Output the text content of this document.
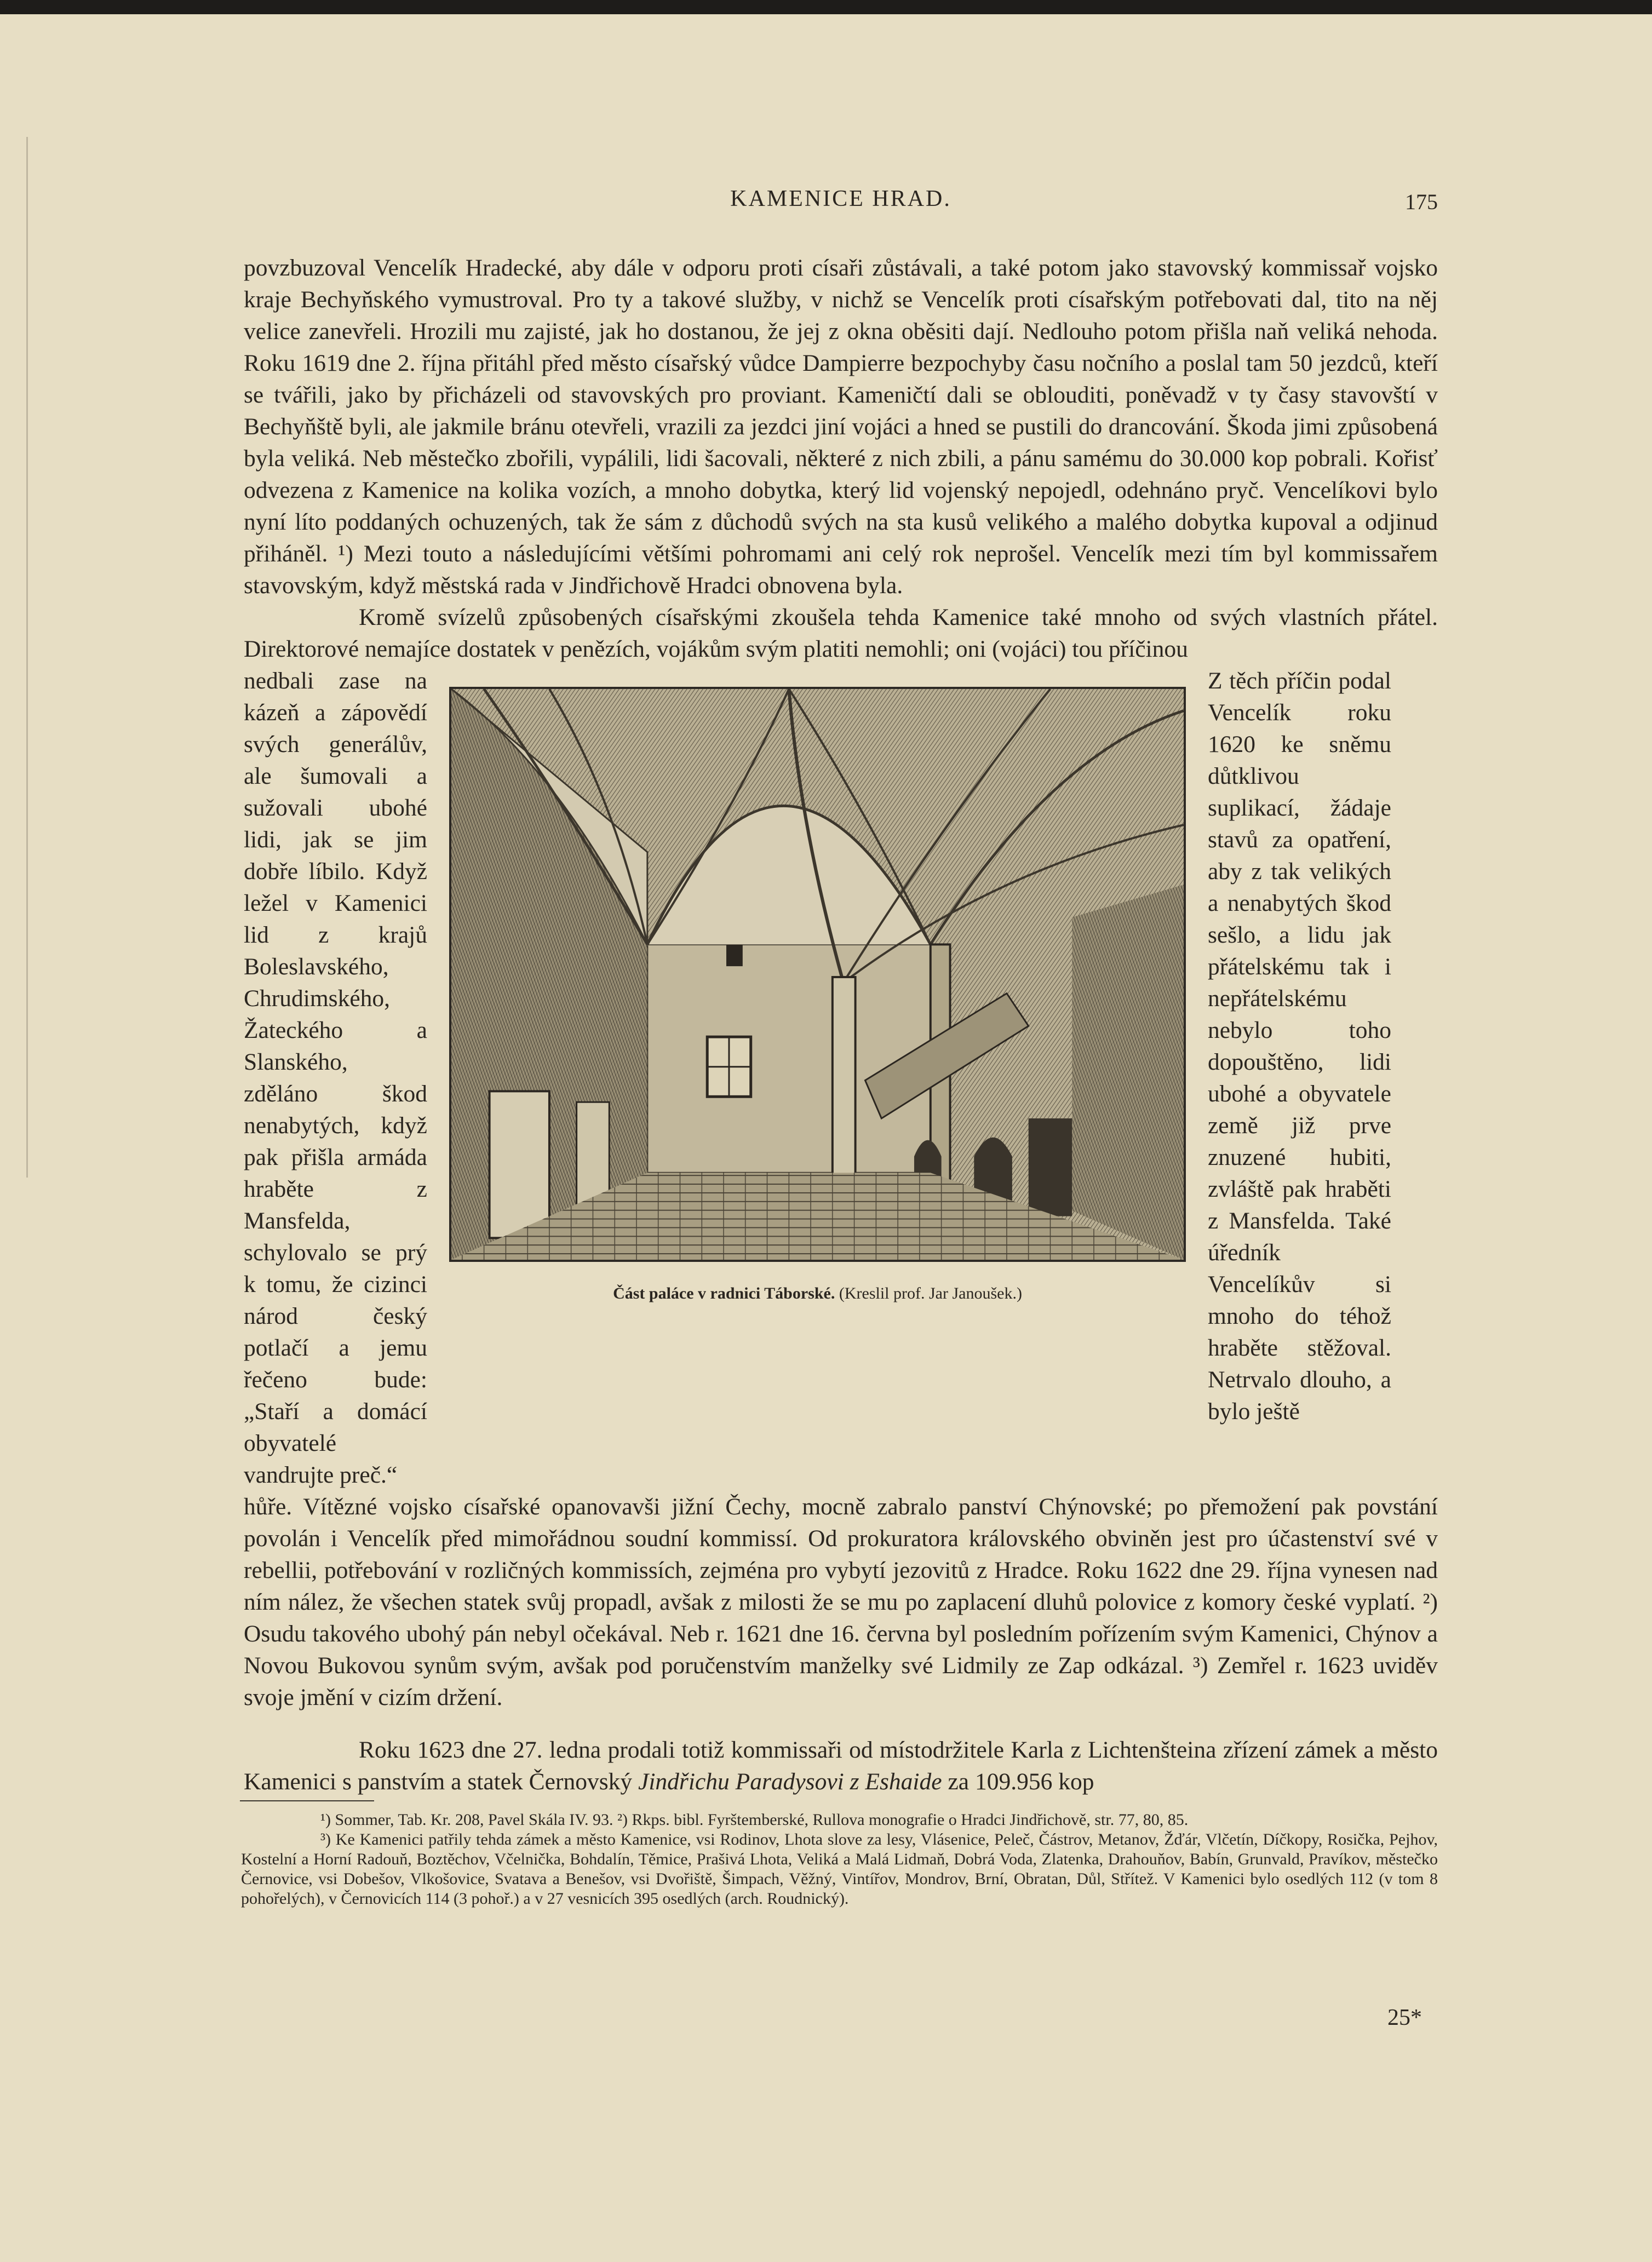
KAMENICE HRAD.	175

povzbuzoval Vencelík Hradecké, aby dále v odporu proti císaři zůstávali, a také potom jako stavovský kommissař vojsko kraje Bechyňského vymustroval. Pro ty a takové služby, v nichž se Vencelík proti císařským potřebovati dal, tito na něj velice zanevřeli. Hrozili mu zajisté, jak ho dostanou, že jej z okna oběsiti dají. Nedlouho potom přišla naň veliká nehoda. Roku 1619 dne 2. října přitáhl před město císařský vůdce Dampierre bezpochyby času nočního a poslal tam 50 jezdců, kteří se tvářili, jako by přicházeli od stavovských pro proviant. Kameničtí dali se oblouditi, poněvadž v ty časy stavovští v Bechyňště byli, ale jakmile bránu otevřeli, vrazili za jezdci jiní vojáci a hned se pustili do drancování. Škoda jimi způsobená byla veliká. Neb městečko zbořili, vypálili, lidi šacovali, některé z nich zbili, a pánu samému do 30.000 kop pobrali. Kořisť odvezena z Kamenice na kolika vozích, a mnoho dobytka, který lid vojenský nepojedl, odehnáno pryč. Vencelíkovi bylo nyní líto poddaných ochuzených, tak že sám z důchodů svých na sta kusů velikého a malého dobytka kupoval a odjinud přiháněl. ¹) Mezi touto a následujícími většími pohromami ani celý rok neprošel. Vencelík mezi tím byl kommissařem stavovským, když městská rada v Jindřichově Hradci obnovena byla.

Kromě svízelů způsobených císařskými zkoušela tehda Kamenice také mnoho od svých vlastních přátel. Direktorové nemajíce dostatek v penězích, vojákům svým platiti nemohli; oni (vojáci) tou příčinou

nedbali zase na kázeň a zápovědí svých generálův, ale šumovali a sužovali ubohé lidi, jak se jim dobře líbilo. Když ležel v Kamenici lid z krajů Boleslavského, Chrudimského, Žateckého a Slanského, zděláno škod nenabytých, když pak přišla armáda hraběte z Mansfelda, schylovalo se prý k tomu, že cizinci národ český potlačí a jemu řečeno bude: „Staří a domácí obyvatelé vandrujte preč.“
Část paláce v radnici Táborské. (Kreslil prof. Jar Janoušek.)
Z těch příčin podal Vencelík roku 1620 ke sněmu důtklivou suplikací, žádaje stavů za opatření, aby z tak velikých a nenabytých škod sešlo, a lidu jak přátelskému tak i nepřátelskému nebylo toho dopouštěno, lidi ubohé a obyvatele země již prve znuzené hubiti, zvláště pak hraběti z Mansfelda. Také úředník Vencelíkův si mnoho do téhož hraběte stěžoval. Netrvalo dlouho, a bylo ještě

hůře. Vítězné vojsko císařské opanovavši jižní Čechy, mocně zabralo panství Chýnovské; po přemožení pak povstání povolán i Vencelík před mimořádnou soudní kommissí. Od prokuratora královského obviněn jest pro účastenství své v rebellii, potřebování v rozličných kommissích, zejména pro vybytí jezovitů z Hradce. Roku 1622 dne 29. října vynesen nad ním nález, že všechen statek svůj propadl, avšak z milosti že se mu po zaplacení dluhů polovice z komory české vyplatí. ²) Osudu takového ubohý pán nebyl očekával. Neb r. 1621 dne 16. června byl posledním pořízením svým Kamenici, Chýnov a Novou Bukovou synům svým, avšak pod poručenstvím manželky své Lidmily ze Zap odkázal. ³) Zemřel r. 1623 uviděv svoje jmění v cizím držení.

Roku 1623 dne 27. ledna prodali totiž kommissaři od místodržitele Karla z Lichtenšteina zřízení zámek a město Kamenici s panstvím a statek Černovský Jindřichu Paradysovi z Eshaide za 109.956 kop

¹) Sommer, Tab. Kr. 208, Pavel Skála IV. 93. ²) Rkps. bibl. Fyrštemberské, Rullova monografie o Hradci Jindřichově, str. 77, 80, 85.

³) Ke Kamenici patřily tehda zámek a město Kamenice, vsi Rodinov, Lhota slove za lesy, Vlásenice, Peleč, Částrov, Metanov, Žďár, Vlčetín, Díčkopy, Rosička, Pejhov, Kostelní a Horní Radouň, Boztěchov, Včelnička, Bohdalín, Těmice, Prašivá Lhota, Veliká a Malá Lidmaň, Dobrá Voda, Zlatenka, Drahouňov, Babín, Grunvald, Pravíkov, městečko Černovice, vsi Dobešov, Vlkošovice, Svatava a Benešov, vsi Dvořiště, Šimpach, Věžný, Vintířov, Mondrov, Brní, Obratan, Důl, Střítež. V Kamenici bylo osedlých 112 (v tom 8 pohořelých), v Černovicích 114 (3 pohoř.) a v 27 vesnicích 395 osedlých (arch. Roudnický).

25*
